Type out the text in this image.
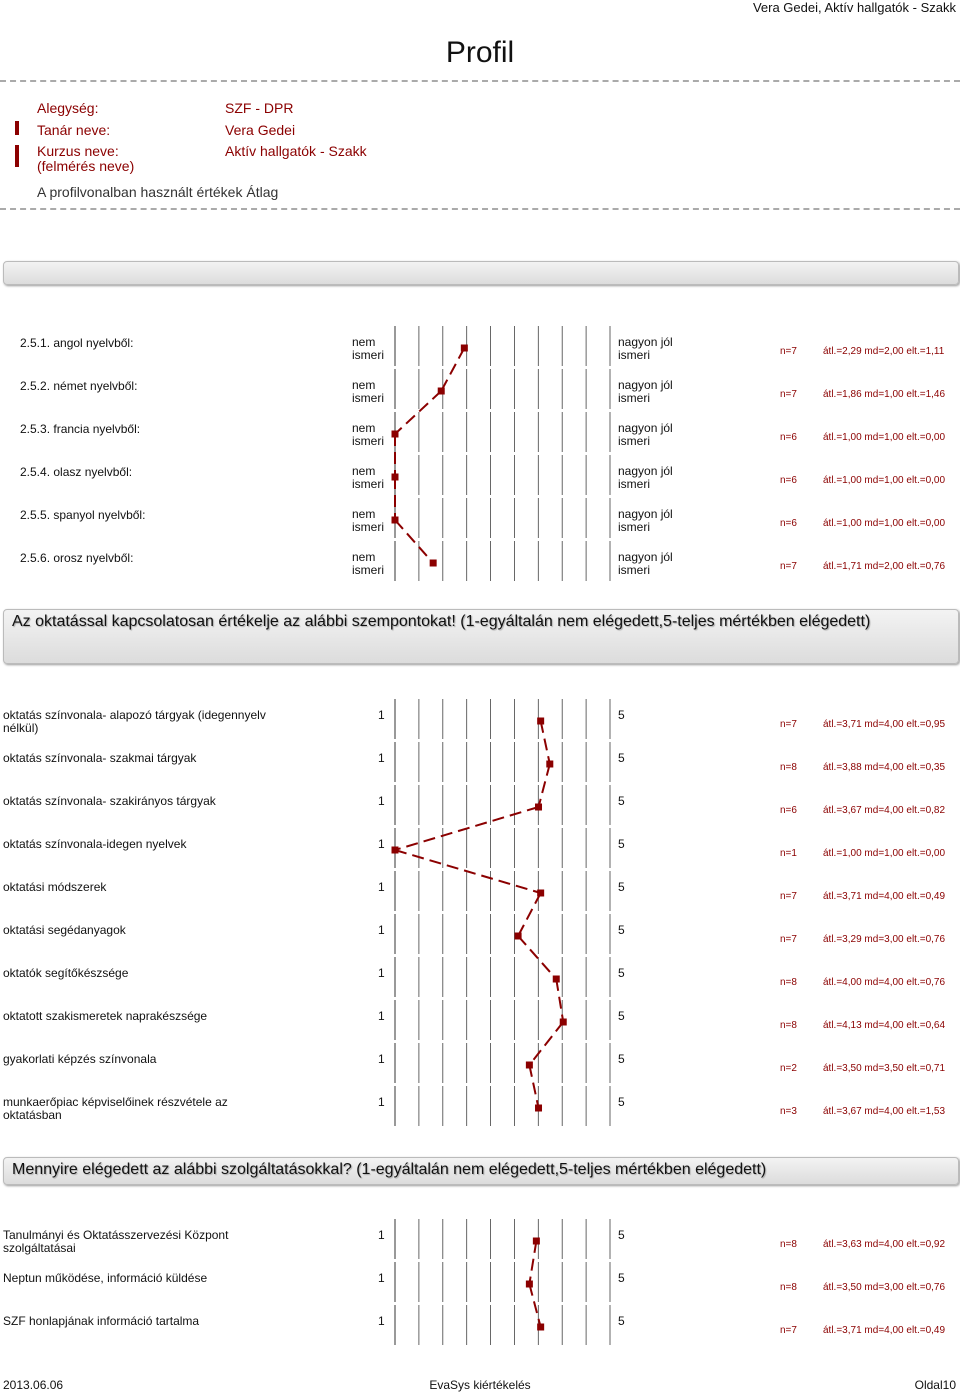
Vera Gedei, Aktív hallgatók - Szakk
Profil
Alegység:	SZF - DPR
Tanár neve:	Vera Gedei
Kurzus neve:
(felmérés neve)
Aktív hallgatók - Szakk
A profilvonalban használt értékek Átlag
Az oktatással kapcsolatosan értékelje az alábbi szempontokat! (1-egyáltalán nem elégedett,5-teljes mértékben elégedett)
Mennyire elégedett az alábbi szolgáltatásokkal? (1-egyáltalán nem elégedett,5-teljes mértékben elégedett)
2.5.1. angol nyelvből:	nem
ismeri
nagyon jól
ismeri	n=7	átl.=2,29 md=2,00 elt.=1,11
2.5.2. német nyelvből:	nem
ismeri
nagyon jól
ismeri	n=7	átl.=1,86 md=1,00 elt.=1,46
2.5.3. francia nyelvből:	nem
ismeri
nagyon jól
ismeri	n=6	átl.=1,00 md=1,00 elt.=0,00
2.5.4. olasz nyelvből:	nem
ismeri
nagyon jól
ismeri	n=6	átl.=1,00 md=1,00 elt.=0,00
2.5.5. spanyol nyelvből:	nem
ismeri
nagyon jól
ismeri	n=6	átl.=1,00 md=1,00 elt.=0,00
2.5.6. orosz nyelvből:	nem
ismeri
nagyon jól
ismeri	n=7	átl.=1,71 md=2,00 elt.=0,76
oktatás színvonala- alapozó tárgyak (idegennyelv nélkül)
1	5
n=7	átl.=3,71 md=4,00 elt.=0,95
oktatás színvonala- szakmai tárgyak	1	5
n=8	átl.=3,88 md=4,00 elt.=0,35
oktatás színvonala- szakirányos tárgyak	1	5
n=6	átl.=3,67 md=4,00 elt.=0,82
oktatás színvonala-idegen nyelvek	1	5
n=1	átl.=1,00 md=1,00 elt.=0,00
oktatási módszerek	1	5
n=7	átl.=3,71 md=4,00 elt.=0,49
oktatási segédanyagok	1	5
n=7	átl.=3,29 md=3,00 elt.=0,76
oktatók segítőkészsége	1	5
n=8	átl.=4,00 md=4,00 elt.=0,76
oktatott szakismeretek naprakészsége	1	5
n=8	átl.=4,13 md=4,00 elt.=0,64
gyakorlati képzés színvonala	1	5
n=2	átl.=3,50 md=3,50 elt.=0,71
munkaerőpiac képviselőinek részvétele az oktatásban
1	5
n=3	átl.=3,67 md=4,00 elt.=1,53
Tanulmányi és Oktatásszervezési Központ szolgáltatásai
1	5
n=8	átl.=3,63 md=4,00 elt.=0,92
Neptun működése, információ küldése	1	5
n=8	átl.=3,50 md=3,00 elt.=0,76
SZF honlapjának információ tartalma	1	5
n=7	átl.=3,71 md=4,00 elt.=0,49
2013.06.06	EvaSys kiértékelés	Oldal10
